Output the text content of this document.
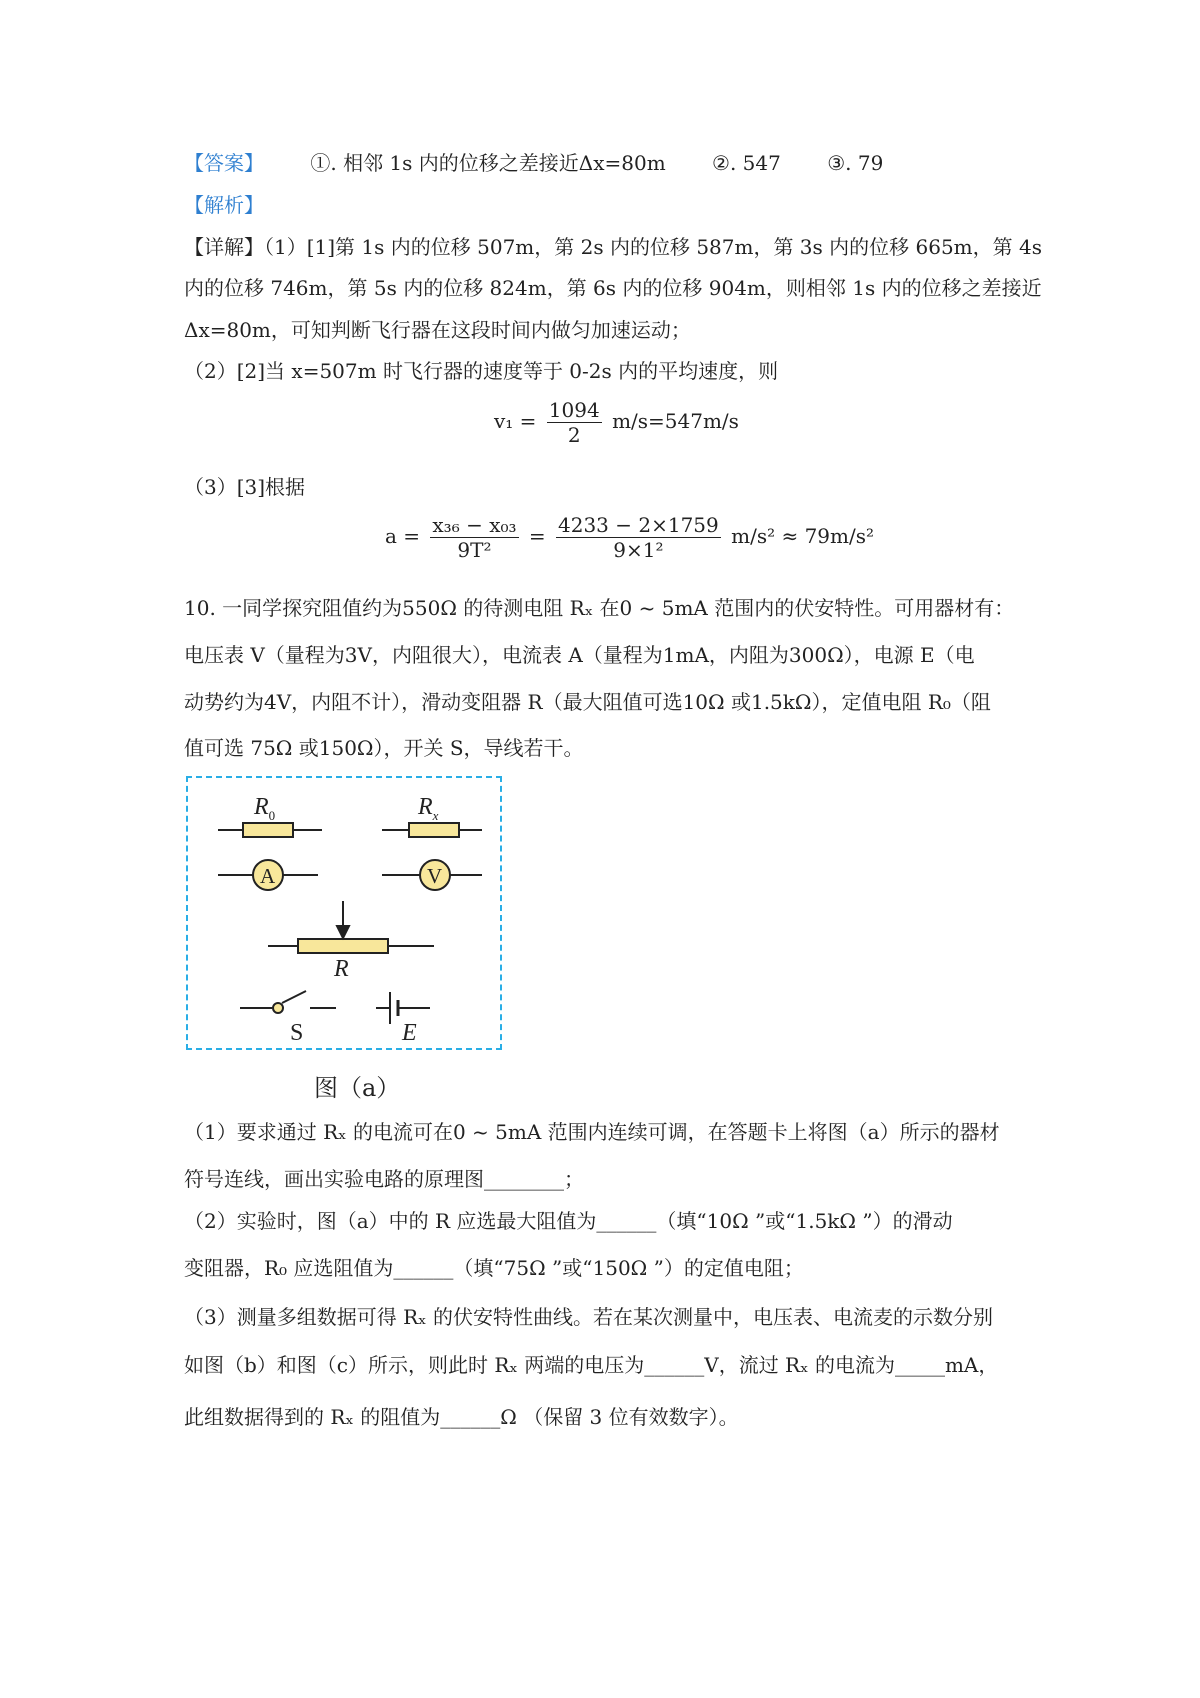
【答案】 ①. 相邻 1s 内的位移之差接近Δx=80m ②. 547 ③. 79
【解析】
【详解】（1）[1]第 1s 内的位移 507m，第 2s 内的位移 587m，第 3s 内的位移 665m，第 4s
内的位移 746m，第 5s 内的位移 824m，第 6s 内的位移 904m，则相邻 1s 内的位移之差接近
Δx=80m，可知判断飞行器在这段时间内做匀加速运动；
（2）[2]当 x=507m 时飞行器的速度等于 0-2s 内的平均速度，则
$v_1 = \frac{1094}{2} m/s=547m/s$
（3）[3]根据
$a = \frac{\text{x₃₆ − x₀₃}}{\text{9T²}} = \frac{4233 - 2\times 1759}{\text{9×1²}} m/s^2 \approx 79m/s^2$
10. 一同学探究阻值约为550Ω 的待测电阻 Rₓ 在0 ~ 5mA 范围内的伏安特性。可用器材有：
电压表 V（量程为3V，内阻很大），电流表 A（量程为1mA，内阻为300Ω），电源 E（电
动势约为4V，内阻不计），滑动变阻器 R（最大阻值可选10Ω 或1.5kΩ），定值电阻 R₀（阻
值可选 75Ω 或150Ω），开关 S，导线若干。
$R_0$	$R_x$
A	V
R
S	E
图（a）
（1）要求通过 Rₓ 的电流可在0 ~ 5mA 范围内连续可调，在答题卡上将图（a）所示的器材
符号连线，画出实验电路的原理图________；
（2）实验时，图（a）中的 R 应选最大阻值为______（填“10Ω ”或“1.5kΩ ”）的滑动
变阻器，R₀ 应选阻值为______（填“75Ω ”或“150Ω ”）的定值电阻；
（3）测量多组数据可得 Rₓ 的伏安特性曲线。若在某次测量中，电压表、电流麦的示数分别
如图（b）和图（c）所示，则此时 Rₓ 两端的电压为______V，流过 Rₓ 的电流为_____mA，
此组数据得到的 Rₓ 的阻值为______Ω （保留 3 位有效数字）。
